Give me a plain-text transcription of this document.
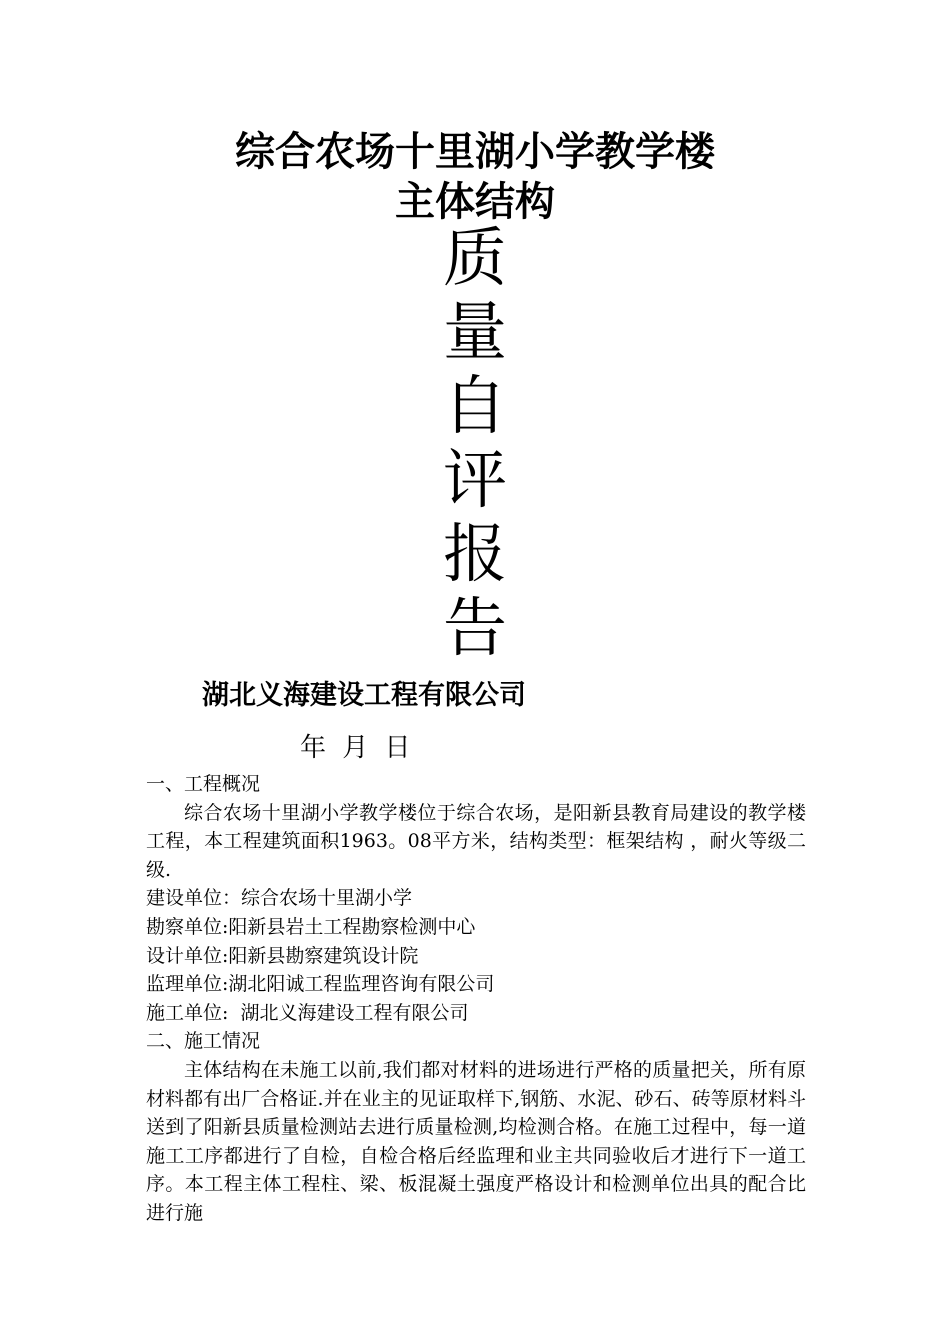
综合农场十里湖小学教学楼
主体结构
质
量
自
评
报
告
湖北义海建设工程有限公司
年 月 日

一、工程概况

综合农场十里湖小学教学楼位于综合农场，是阳新县教育局建设的教学楼工程，本工程建筑面积1963。08平方米，结构类型：框架结构 ，耐火等级二级.

建设单位：综合农场十里湖小学

勘察单位:阳新县岩土工程勘察检测中心

设计单位:阳新县勘察建筑设计院

监理单位:湖北阳诚工程监理咨询有限公司

施工单位:  湖北义海建设工程有限公司

二、施工情况

主体结构在未施工以前,我们都对材料的进场进行严格的质量把关，所有原材料都有出厂合格证.并在业主的见证取样下,钢筋、水泥、砂石、砖等原材料斗送到了阳新县质量检测站去进行质量检测,均检测合格。在施工过程中，每一道施工工序都进行了自检，自检合格后经监理和业主共同验收后才进行下一道工序。本工程主体工程柱、梁、板混凝土强度严格设计和检测单位出具的配合比进行施
